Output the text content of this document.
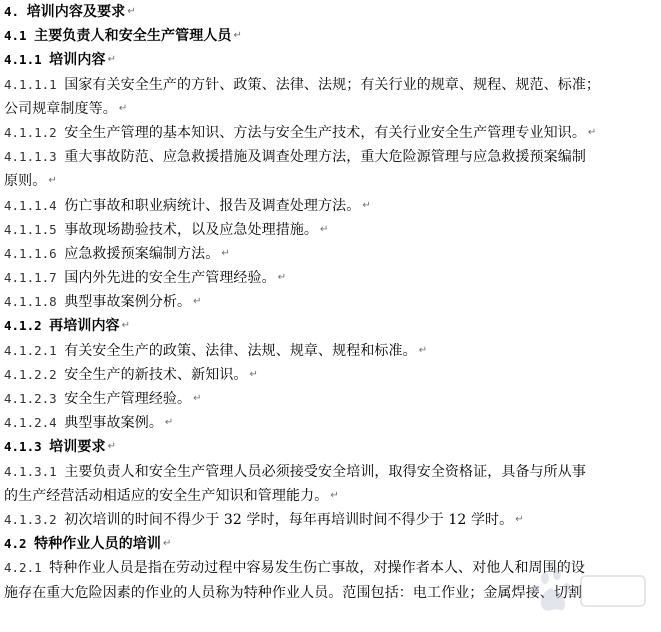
4. 培训内容及要求 ↵
4.1 主要负责人和安全生产管理人员 ↵
4.1.1 培训内容 ↵
4.1.1.1 国家有关安全生产的方针、政策、法律、法规；有关行业的规章、规程、规范、标准；
公司规章制度等。 ↵
4.1.1.2 安全生产管理的基本知识、方法与安全生产技术，有关行业安全生产管理专业知识。 ↵
4.1.1.3 重大事故防范、应急救援措施及调查处理方法，重大危险源管理与应急救援预案编制
原则。 ↵
4.1.1.4 伤亡事故和职业病统计、报告及调查处理方法。 ↵
4.1.1.5 事故现场勘验技术，以及应急处理措施。 ↵
4.1.1.6 应急救援预案编制方法。 ↵
4.1.1.7 国内外先进的安全生产管理经验。 ↵
4.1.1.8 典型事故案例分析。 ↵
4.1.2 再培训内容 ↵
4.1.2.1 有关安全生产的政策、法律、法规、规章、规程和标准。 ↵
4.1.2.2 安全生产的新技术、新知识。 ↵
4.1.2.3 安全生产管理经验。 ↵
4.1.2.4 典型事故案例。 ↵
4.1.3 培训要求 ↵
4.1.3.1 主要负责人和安全生产管理人员必须接受安全培训，取得安全资格证，具备与所从事
的生产经营活动相适应的安全生产知识和管理能力。 ↵
4.1.3.2 初次培训的时间不得少于 32 学时，每年再培训时间不得少于 12 学时。 ↵
4.2 特种作业人员的培训 ↵
4.2.1 特种作业人员是指在劳动过程中容易发生伤亡事故，对操作者本人、对他人和周围的设
施存在重大危险因素的作业的人员称为特种作业人员。范围包括：电工作业；金属焊接、切割
